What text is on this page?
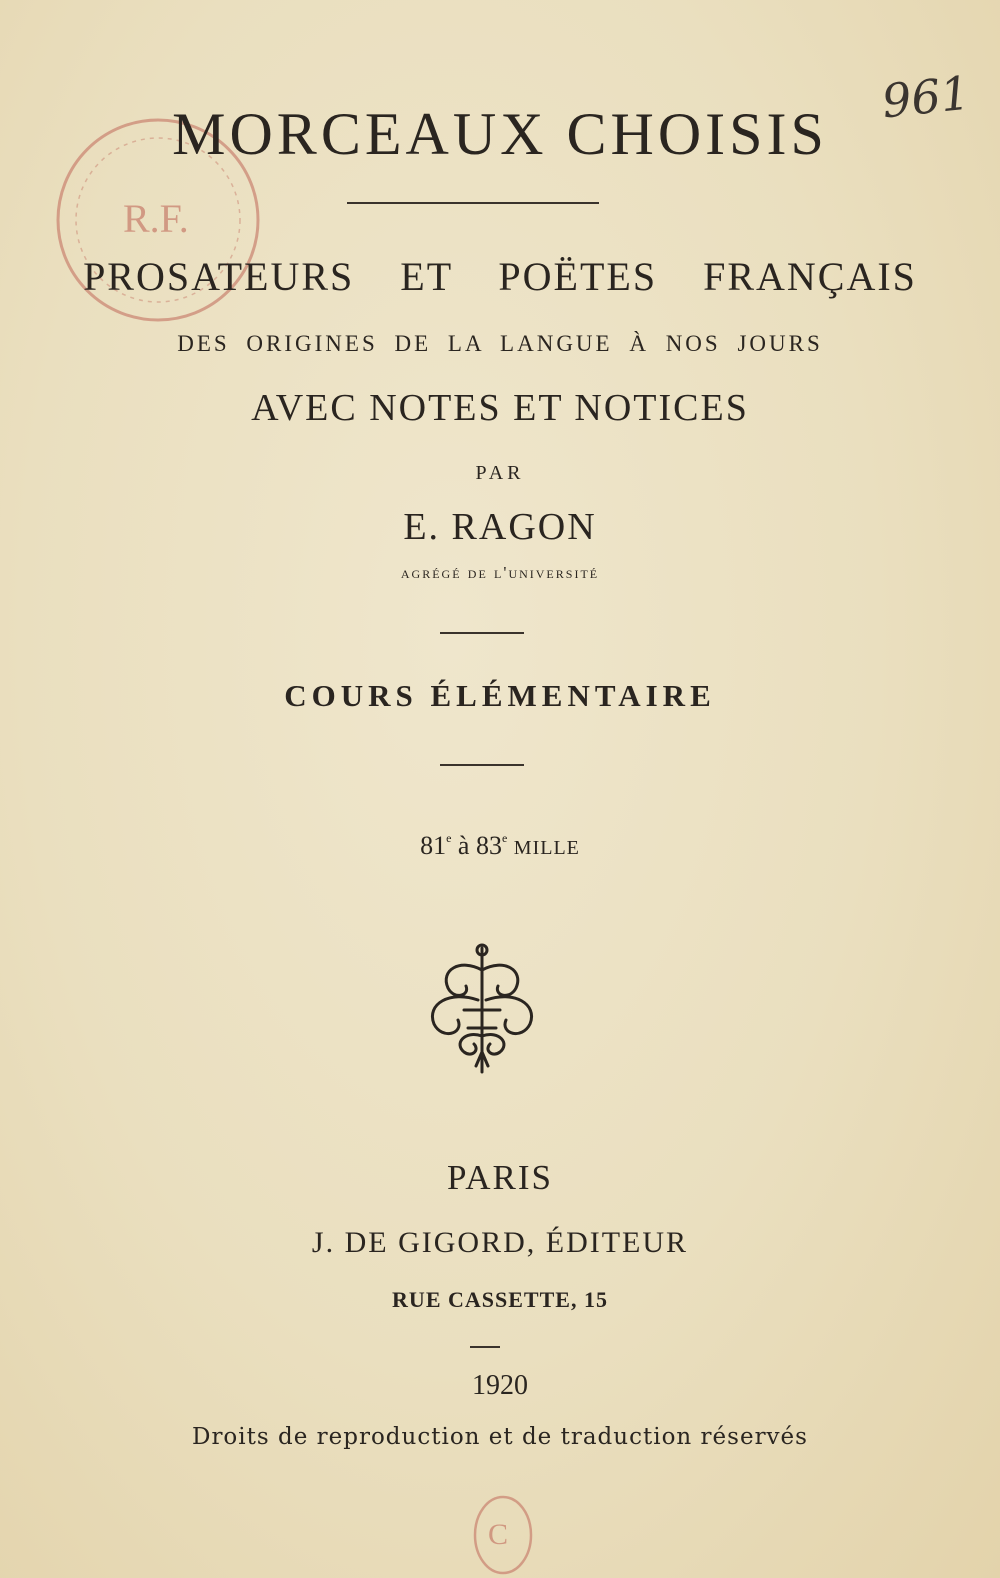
R.F.
961
MORCEAUX CHOISIS
PROSATEURS ET POËTES FRANÇAIS
DES ORIGINES DE LA LANGUE À NOS JOURS
AVEC NOTES ET NOTICES
PAR
E. RAGON
agrégé de l'université
COURS ÉLÉMENTAIRE
81e à 83e MILLE
PARIS
J. DE GIGORD, ÉDITEUR
RUE CASSETTE, 15
1920
Droits de reproduction et de traduction réservés
C
